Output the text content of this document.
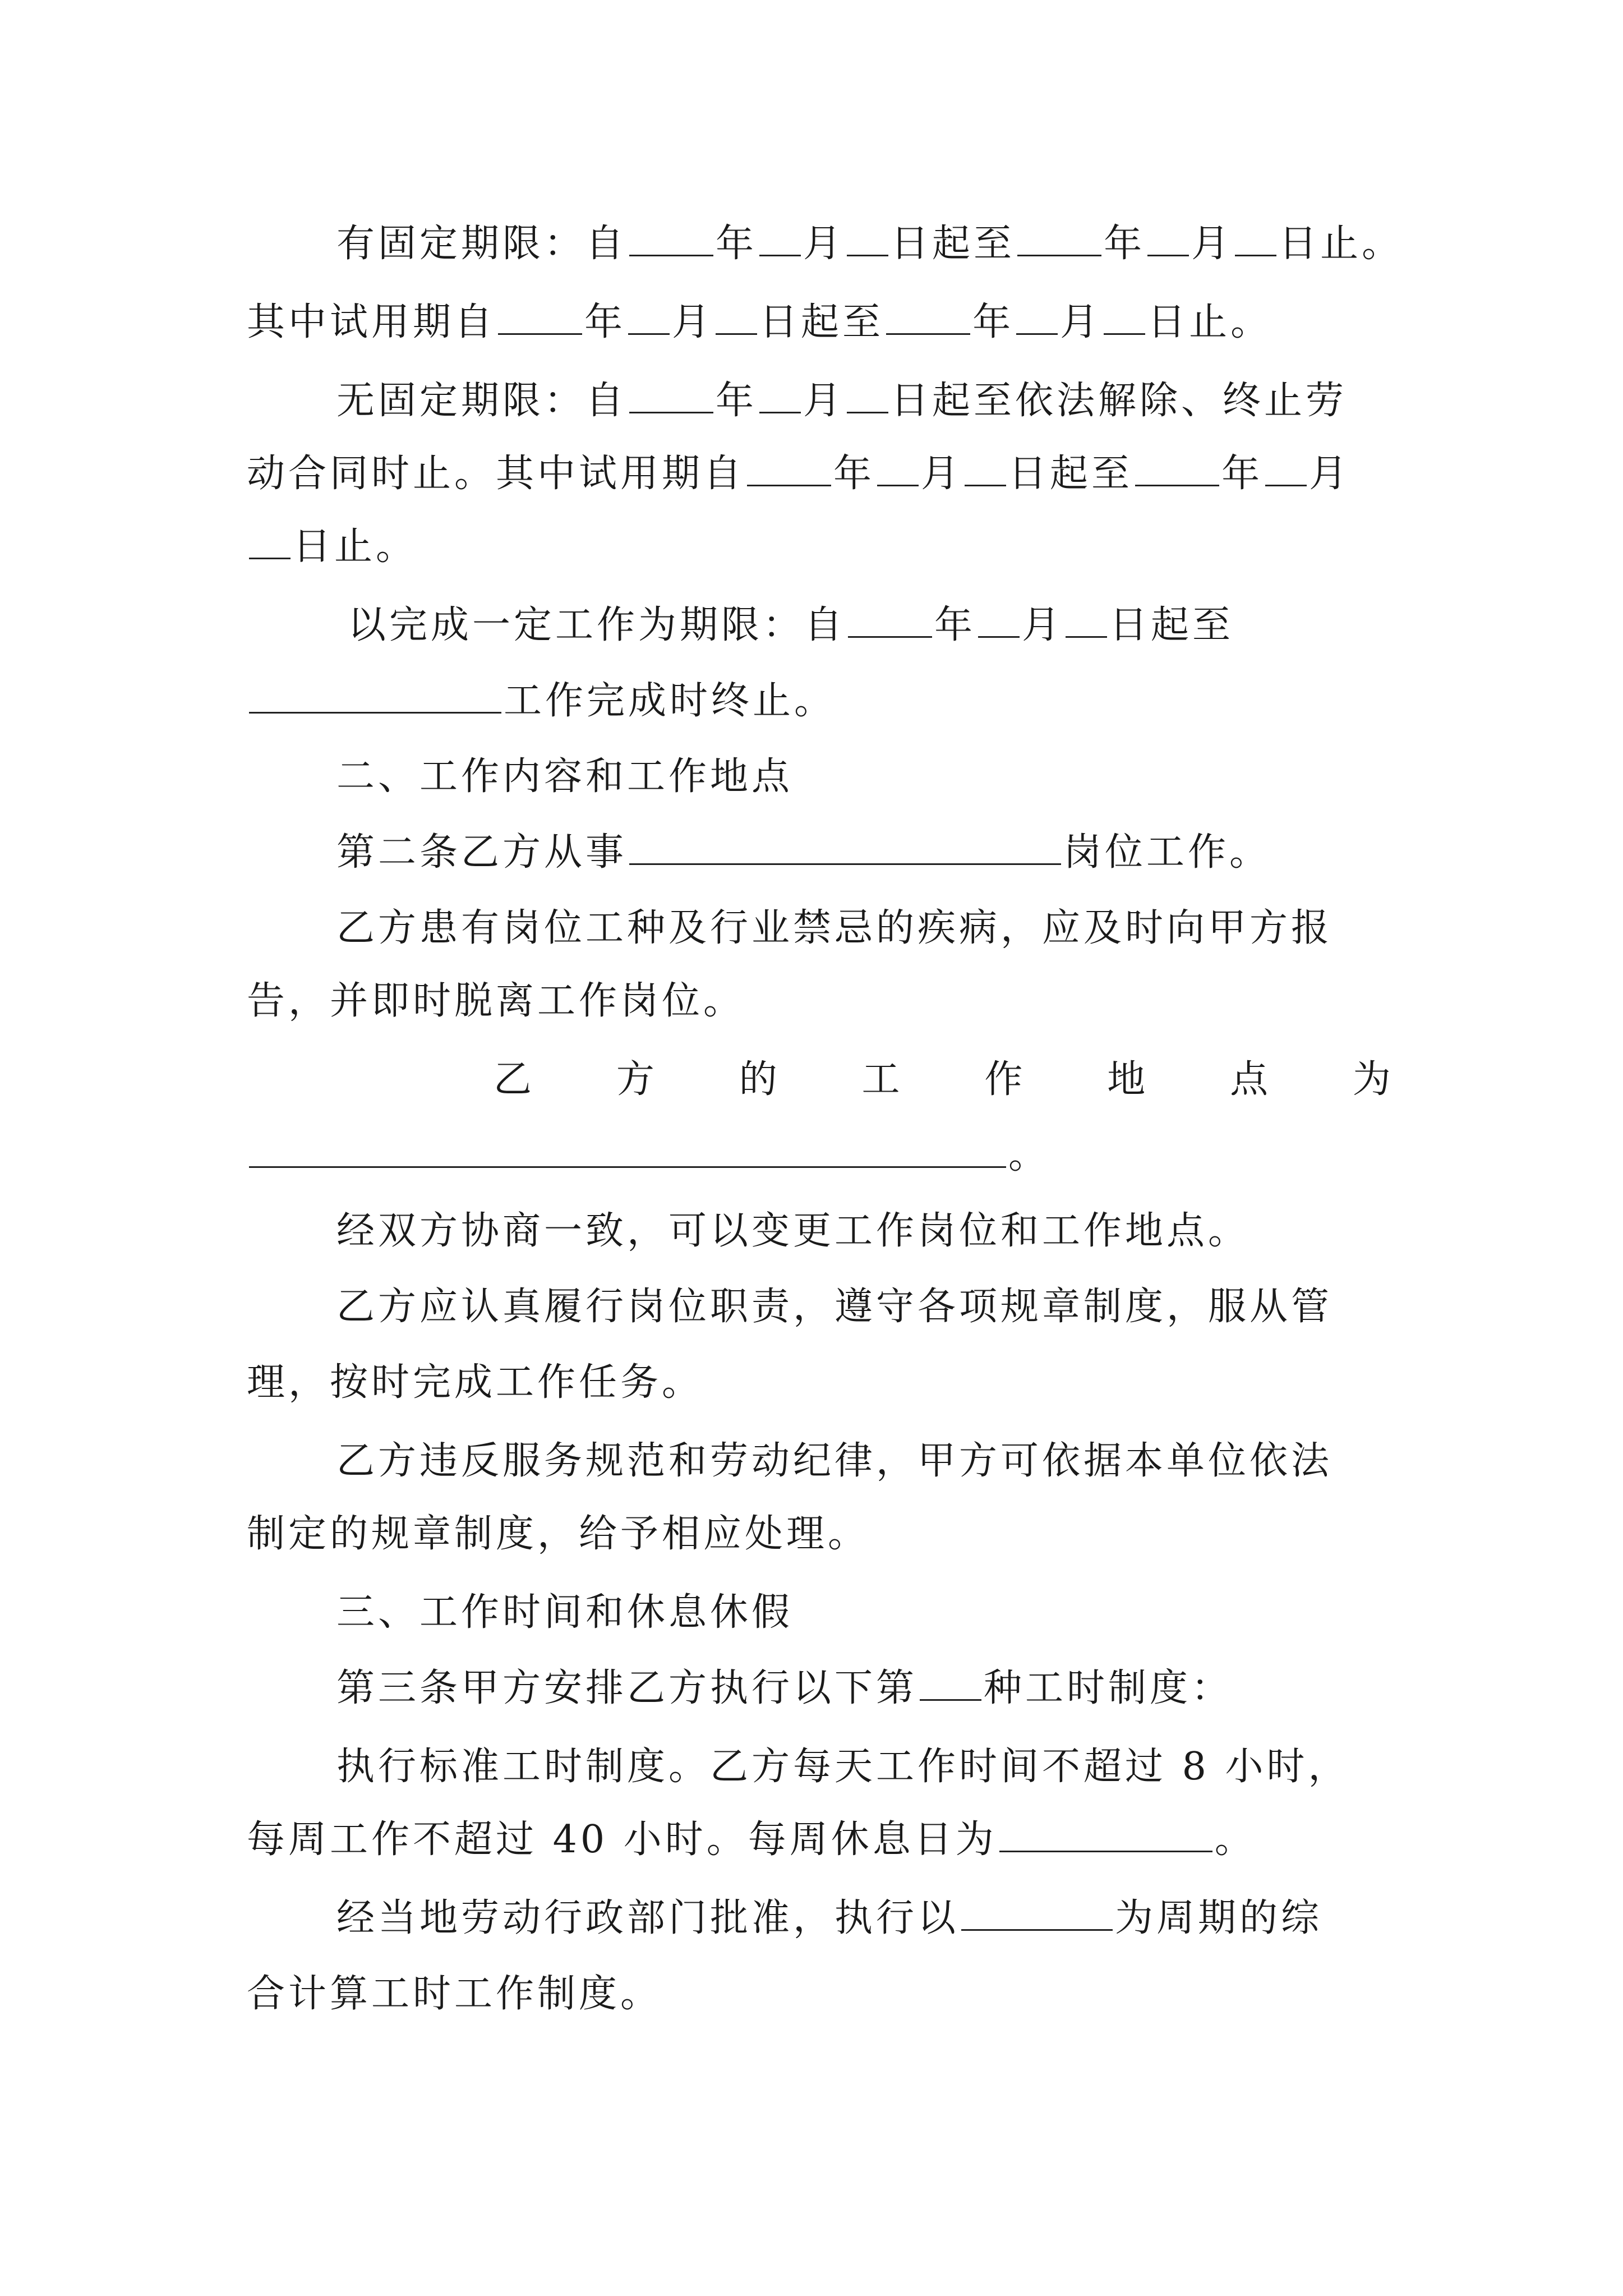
有固定期限：自 年 月 日起至 年 月 日止。
其中试用期自 年 月 日起至 年 月 日止。
无固定期限：自 年 月 日起至依法解除、终止劳
动合同时止。其中试用期自 年 月 日起至 年 月
日止。
以完成一定工作为期限：自 年 月 日起至
工作完成时终止。
二、工作内容和工作地点
第二条乙方从事	岗位工作。
乙方患有岗位工种及行业禁忌的疾病，应及时向甲方报
告，并即时脱离工作岗位。
乙 方 的 工 作 地 点 为
。
经双方协商一致，可以变更工作岗位和工作地点。
乙方应认真履行岗位职责，遵守各项规章制度，服从管
理，按时完成工作任务。
乙方违反服务规范和劳动纪律，甲方可依据本单位依法
制定的规章制度，给予相应处理。
三、工作时间和休息休假
第三条甲方安排乙方执行以下第 种工时制度：
执行标准工时制度。乙方每天工作时间不超过 8 小时，
每周工作不超过 40 小时。每周休息日为	。
经当地劳动行政部门批准，执行以	为周期的综
合计算工时工作制度。
